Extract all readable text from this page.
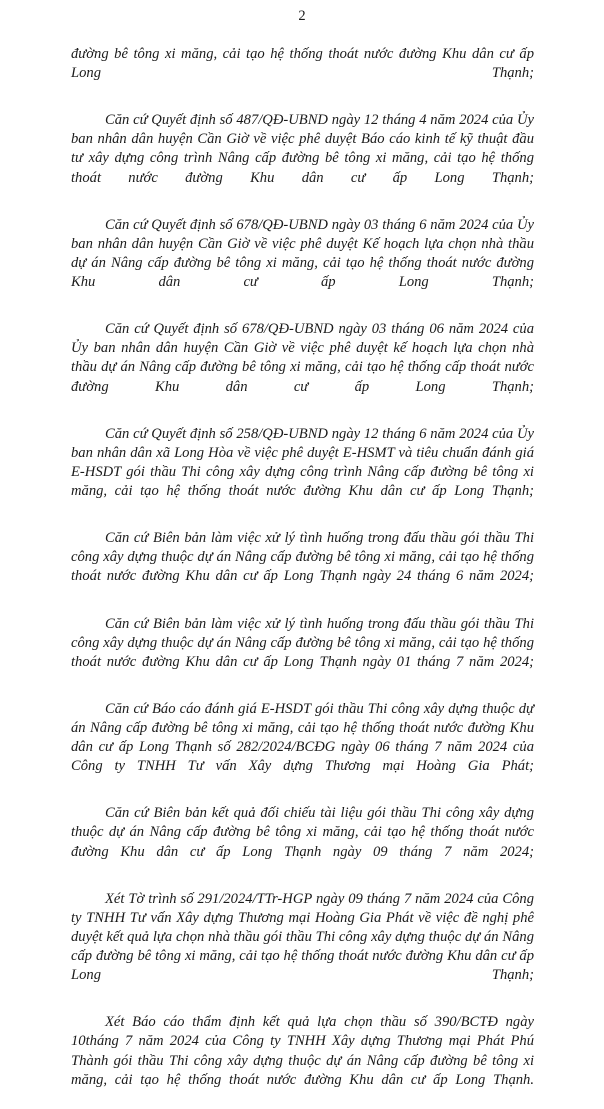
2

đường bê tông xi măng, cải tạo hệ thống thoát nước đường Khu dân cư ấp Long Thạnh;

Căn cứ Quyết định số 487/QĐ-UBND ngày 12 tháng 4 năm 2024 của Ủy ban nhân dân huyện Cần Giờ về việc phê duyệt Báo cáo kinh tế kỹ thuật đầu tư xây dựng công trình Nâng cấp đường bê tông xi măng, cải tạo hệ thống thoát nước đường Khu dân cư ấp Long Thạnh;

Căn cứ Quyết định số 678/QĐ-UBND ngày 03 tháng 6 năm 2024 của Ủy ban nhân dân huyện Cần Giờ về việc phê duyệt Kế hoạch lựa chọn nhà thầu dự án Nâng cấp đường bê tông xi măng, cải tạo hệ thống thoát nước đường Khu dân cư ấp Long Thạnh;

Căn cứ Quyết định số 678/QĐ-UBND ngày 03 tháng 06 năm 2024 của Ủy ban nhân dân huyện Cần Giờ về việc phê duyệt kế hoạch lựa chọn nhà thầu dự án Nâng cấp đường bê tông xi măng, cải tạo hệ thống cấp thoát nước đường Khu dân cư ấp Long Thạnh;

Căn cứ Quyết định số 258/QĐ-UBND ngày 12 tháng 6 năm 2024 của Ủy ban nhân dân xã Long Hòa về việc phê duyệt E-HSMT và tiêu chuẩn đánh giá E-HSDT gói thầu Thi công xây dựng công trình Nâng cấp đường bê tông xi măng, cải tạo hệ thống thoát nước đường Khu dân cư ấp Long Thạnh;

Căn cứ Biên bản làm việc xử lý tình huống trong đấu thầu gói thầu Thi công xây dựng thuộc dự án Nâng cấp đường bê tông xi măng, cải tạo hệ thống thoát nước đường Khu dân cư ấp Long Thạnh ngày 24 tháng 6 năm 2024;

Căn cứ Biên bản làm việc xử lý tình huống trong đấu thầu gói thầu Thi công xây dựng thuộc dự án Nâng cấp đường bê tông xi măng, cải tạo hệ thống thoát nước đường Khu dân cư ấp Long Thạnh ngày 01 tháng 7 năm 2024;

Căn cứ Báo cáo đánh giá E-HSDT gói thầu Thi công xây dựng thuộc dự án Nâng cấp đường bê tông xi măng, cải tạo hệ thống thoát nước đường Khu dân cư ấp Long Thạnh số 282/2024/BCĐG ngày 06 tháng 7 năm 2024 của Công ty TNHH Tư vấn Xây dựng Thương mại Hoàng Gia Phát;

Căn cứ Biên bản kết quả đối chiếu tài liệu gói thầu Thi công xây dựng thuộc dự án Nâng cấp đường bê tông xi măng, cải tạo hệ thống thoát nước đường Khu dân cư ấp Long Thạnh ngày 09 tháng 7 năm 2024;

Xét Tờ trình số 291/2024/TTr-HGP ngày 09 tháng 7 năm 2024 của Công ty TNHH Tư vấn Xây dựng Thương mại Hoàng Gia Phát về việc đề nghị phê duyệt kết quả lựa chọn nhà thầu gói thầu Thi công xây dựng thuộc dự án Nâng cấp đường bê tông xi măng, cải tạo hệ thống thoát nước đường Khu dân cư ấp Long Thạnh;

Xét Báo cáo thẩm định kết quả lựa chọn thầu số 390/BCTĐ ngày 10tháng 7 năm 2024 của Công ty TNHH Xây dựng Thương mại Phát Phú Thành gói thầu Thi công xây dựng thuộc dự án Nâng cấp đường bê tông xi măng, cải tạo hệ thống thoát nước đường Khu dân cư ấp Long Thạnh.
